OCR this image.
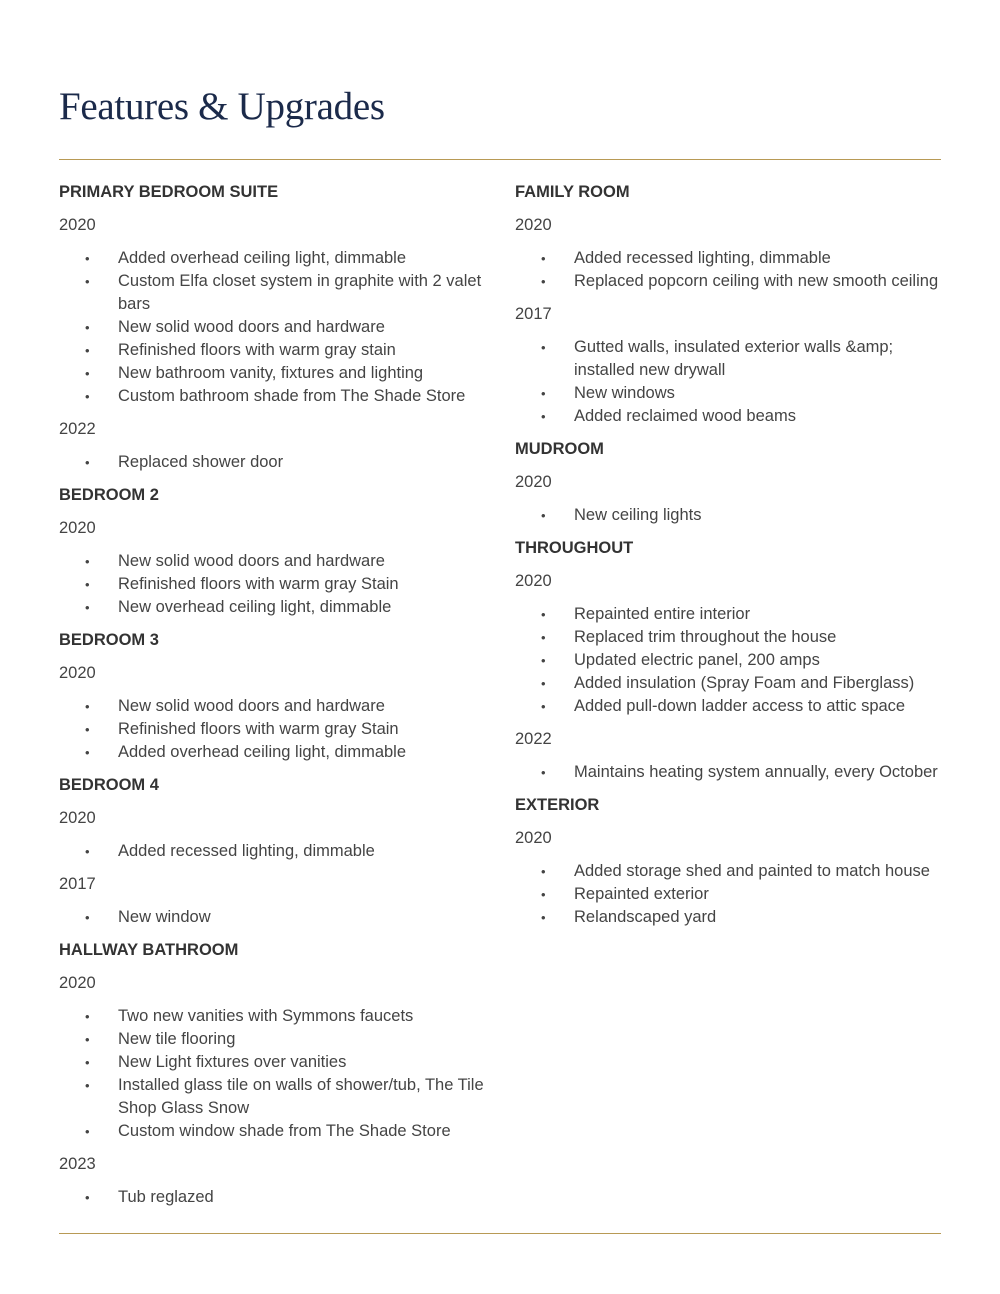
Features & Upgrades
PRIMARY BEDROOM SUITE
2020
• Added overhead ceiling light, dimmable
• Custom Elfa closet system in graphite with 2 valet bars
• New solid wood doors and hardware
• Refinished floors with warm gray stain
• New bathroom vanity, fixtures and lighting
• Custom bathroom shade from The Shade Store
2022
• Replaced shower door
BEDROOM 2
2020
• New solid wood doors and hardware
• Refinished floors with warm gray Stain
• New overhead ceiling light, dimmable
BEDROOM 3
2020
• New solid wood doors and hardware
• Refinished floors with warm gray Stain
• Added overhead ceiling light, dimmable
BEDROOM 4
2020
• Added recessed lighting, dimmable
2017
• New window
HALLWAY BATHROOM
2020
• Two new vanities with Symmons faucets
• New tile flooring
• New Light fixtures over vanities
• Installed glass tile on walls of shower/tub, The Tile Shop Glass Snow
• Custom window shade from The Shade Store
2023
• Tub reglazed
FAMILY ROOM
2020
• Added recessed lighting, dimmable
• Replaced popcorn ceiling with new smooth ceiling
2017
• Gutted walls, insulated exterior walls &amp; installed new drywall
• New windows
• Added reclaimed wood beams
MUDROOM
2020
• New ceiling lights
THROUGHOUT
2020
• Repainted entire interior
• Replaced trim throughout the house
• Updated electric panel, 200 amps
• Added insulation (Spray Foam and Fiberglass)
• Added pull-down ladder access to attic space
2022
• Maintains heating system annually, every October
EXTERIOR
2020
• Added storage shed and painted to match house
• Repainted exterior
• Relandscaped yard
